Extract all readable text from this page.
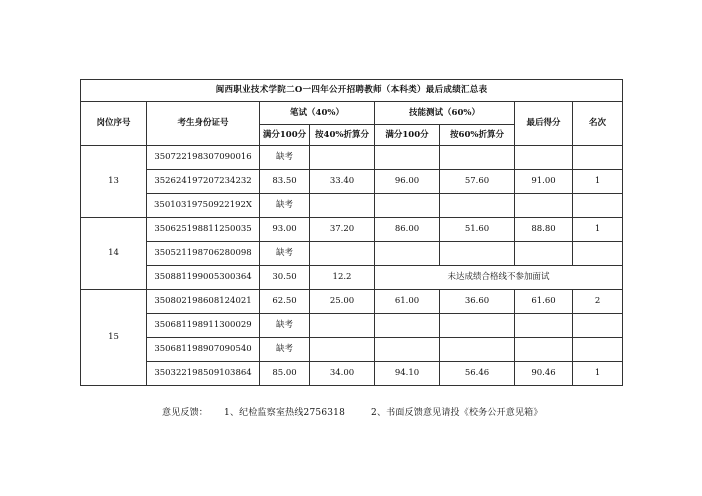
闽西职业技术学院二O一四年公开招聘教师（本科类）最后成绩汇总表							
岗位序号	考生身份证号	笔试（40%）		技能测试（60%）		最后得分	名次
		满分100分	按40%折算分	满分100分	按60%折算分		
13	350722198307090016	缺考					
	352624197207234232	83.50	33.40	96.00	57.60	91.00	1
	35010319750922192X	缺考					
14	350625198811250035	93.00	37.20	86.00	51.60	88.80	1
	350521198706280098	缺考					
	350881199005300364	30.50	12.2	未达成绩合格线不参加面试			
15	350802198608124021	62.50	25.00	61.00	36.60	61.60	2
	350681198911300029	缺考					
	350681198907090540	缺考					
	350322198509103864	85.00	34.00	94.10	56.46	90.46	1
意见反馈： 1、纪检监察室热线2756318	2、书面反馈意见请投《校务公开意见箱》
